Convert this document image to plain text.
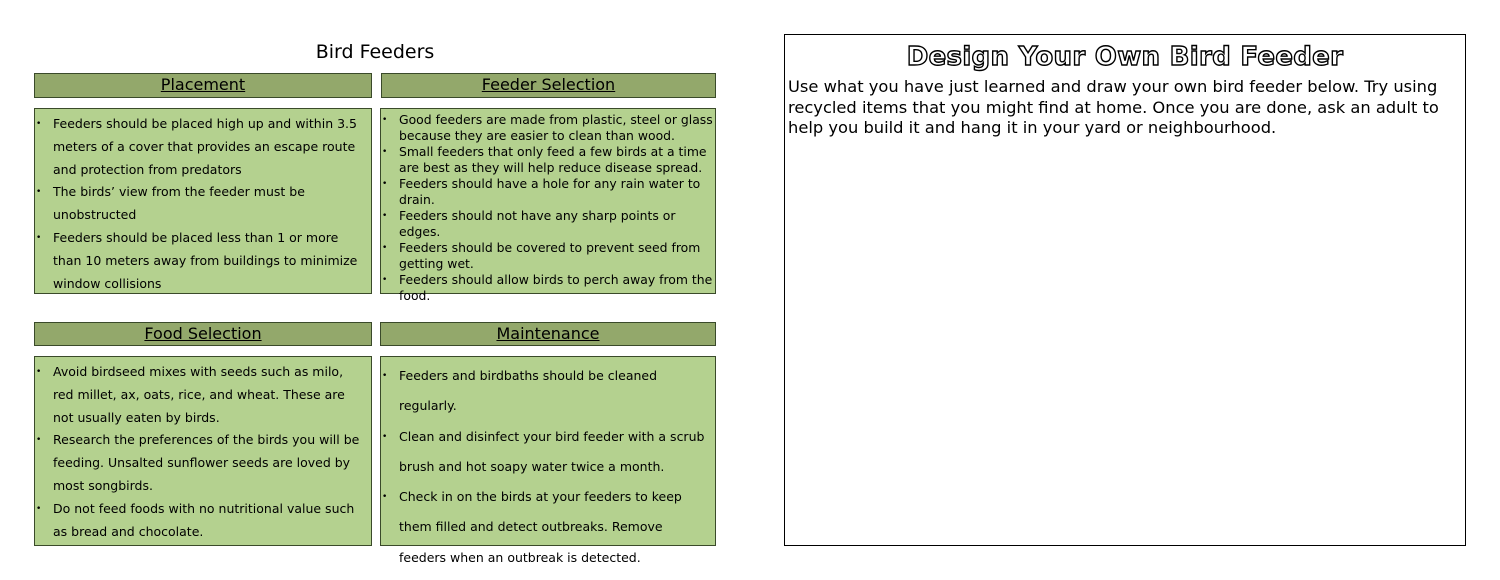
Bird Feeders
Placement
• Feeders should be placed high up and within 3.5 meters of a cover that provides an escape route and protection from predators
• The birds’ view from the feeder must be unobstructed
• Feeders should be placed less than 1 or more than 10 meters away from buildings to minimize window collisions
Feeder Selection
• Good feeders are made from plastic, steel or glass because they are easier to clean than wood.
• Small feeders that only feed a few birds at a time are best as they will help reduce disease spread.
• Feeders should have a hole for any rain water to drain.
• Feeders should not have any sharp points or edges.
• Feeders should be covered to prevent seed from getting wet.
• Feeders should allow birds to perch away from the food.
Food Selection
• Avoid birdseed mixes with seeds such as milo, red millet, ax, oats, rice, and wheat. These are not usually eaten by birds.
• Research the preferences of the birds you will be feeding. Unsalted sunflower seeds are loved by most songbirds.
• Do not feed foods with no nutritional value such as bread and chocolate.
Maintenance
• Feeders and birdbaths should be cleaned regularly.
• Clean and disinfect your bird feeder with a scrub brush and hot soapy water twice a month.
• Check in on the birds at your feeders to keep them filled and detect outbreaks. Remove feeders when an outbreak is detected.
Design Your Own Bird Feeder
Use what you have just learned and draw your own bird feeder below. Try using recycled items that you might find at home. Once you are done, ask an adult to help you build it and hang it in your yard or neighbourhood.
